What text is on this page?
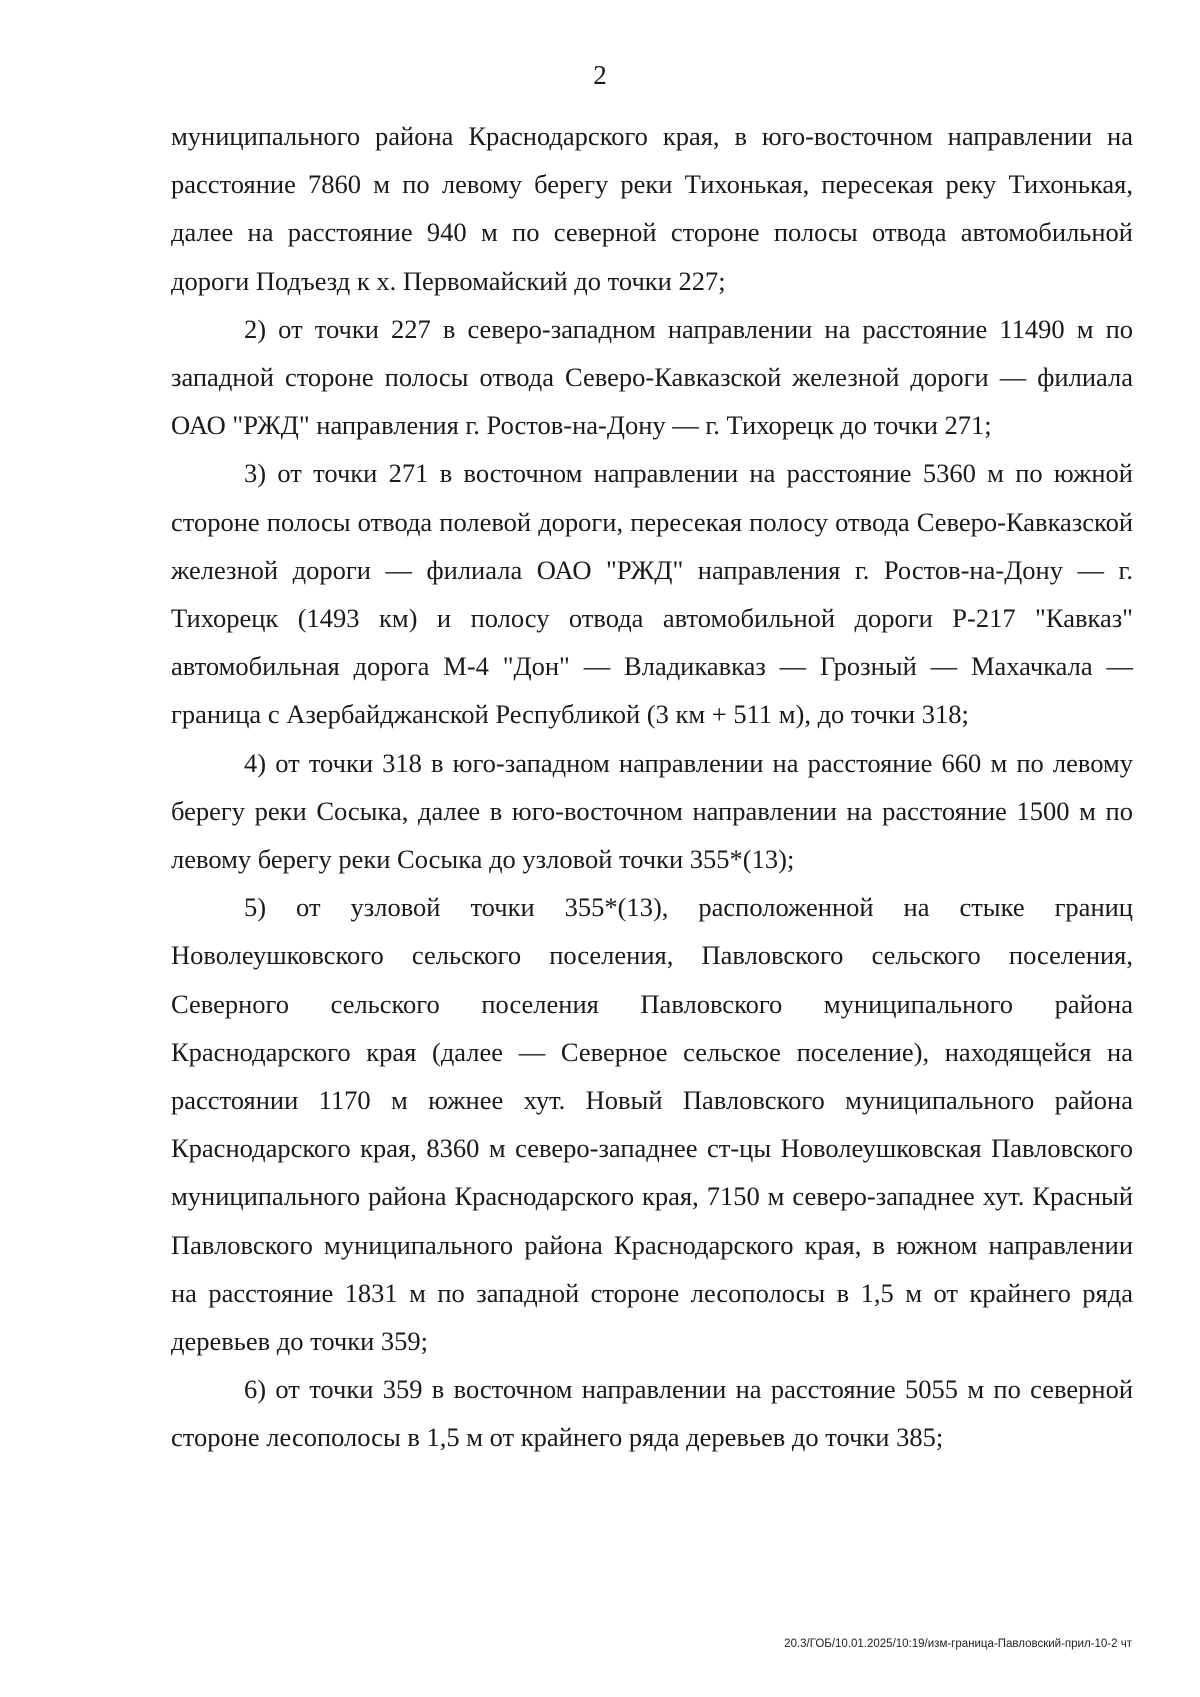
2

муниципального района Краснодарского края, в юго-восточном направлении на расстояние 7860 м по левому берегу реки Тихонькая, пересекая реку Тихонькая, далее на расстояние 940 м по северной стороне полосы отвода автомобильной дороги Подъезд к х. Первомайский до точки 227;

2) от точки 227 в северо-западном направлении на расстояние 11490 м по западной стороне полосы отвода Северо-Кавказской железной дороги — филиала ОАО "РЖД" направления г. Ростов-на-Дону — г. Тихорецк до точки 271;

3) от точки 271 в восточном направлении на расстояние 5360 м по южной стороне полосы отвода полевой дороги, пересекая полосу отвода Северо-Кавказской железной дороги — филиала ОАО "РЖД" направления г. Ростов-на-Дону — г. Тихорецк (1493 км) и полосу отвода автомобильной дороги Р-217 "Кавказ" автомобильная дорога М-4 "Дон" — Владикавказ — Грозный — Махачкала — граница с Азербайджанской Республикой (3 км + 511 м), до точки 318;

4) от точки 318 в юго-западном направлении на расстояние 660 м по левому берегу реки Сосыка, далее в юго-восточном направлении на расстояние 1500 м по левому берегу реки Сосыка до узловой точки 355*(13);

5) от узловой точки 355*(13), расположенной на стыке границ Новолеушковского сельского поселения, Павловского сельского поселения, Северного сельского поселения Павловского муниципального района Краснодарского края (далее — Северное сельское поселение), находящейся на расстоянии 1170 м южнее хут. Новый Павловского муниципального района Краснодарского края, 8360 м северо-западнее ст-цы Новолеушковская Павловского муниципального района Краснодарского края, 7150 м северо-западнее хут. Красный Павловского муниципального района Краснодарского края, в южном направлении на расстояние 1831 м по западной стороне лесополосы в 1,5 м от крайнего ряда деревьев до точки 359;

6) от точки 359 в восточном направлении на расстояние 5055 м по северной стороне лесополосы в 1,5 м от крайнего ряда деревьев до точки 385;

20.3/ГОБ/10.01.2025/10:19/изм-граница-Павловский-прил-10-2 чт
